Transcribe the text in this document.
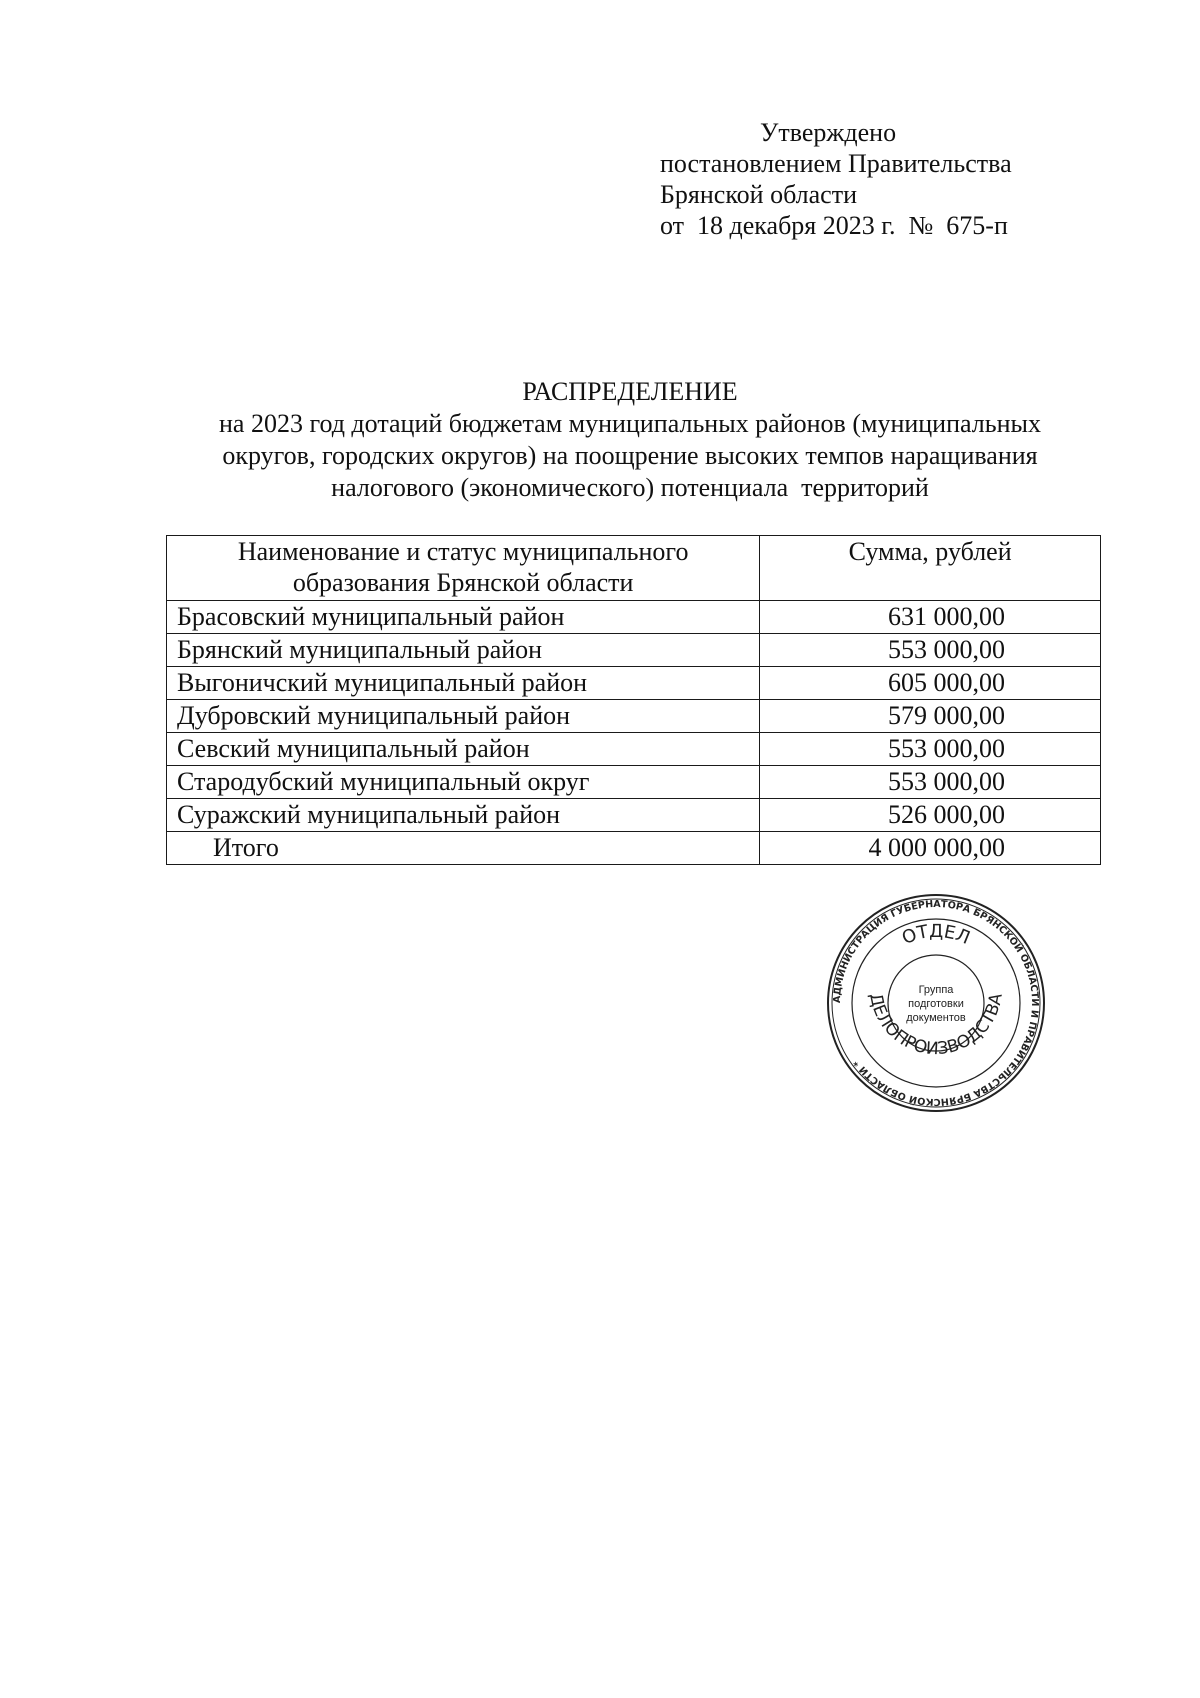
Утверждено
постановлением Правительства
Брянской области
от  18 декабря 2023 г.  №  675-п
РАСПРЕДЕЛЕНИЕ
на 2023 год дотаций бюджетам муниципальных районов (муниципальных
округов, городских округов) на поощрение высоких темпов наращивания
налогового (экономического) потенциала  территорий
Наименование и статус муниципального
образования Брянской области	Сумма, рублей

Брасовский муниципальный район	631 000,00
Брянский муниципальный район	553 000,00
Выгоничский муниципальный район	605 000,00
Дубровский муниципальный район	579 000,00
Севский муниципальный район	553 000,00
Стародубский муниципальный округ	553 000,00
Суражский муниципальный район	526 000,00
Итого	4 000 000,00
АДМИНИСТРАЦИЯ ГУБЕРНАТОРА БРЯНСКОЙ ОБЛАСТИ И ПРАВИТЕЛЬСТВА БРЯНСКОЙ ОБЛАСТИ *
ОТДЕЛ
ДЕЛОПРОИЗВОДСТВА
Группа
подготовки
документов
